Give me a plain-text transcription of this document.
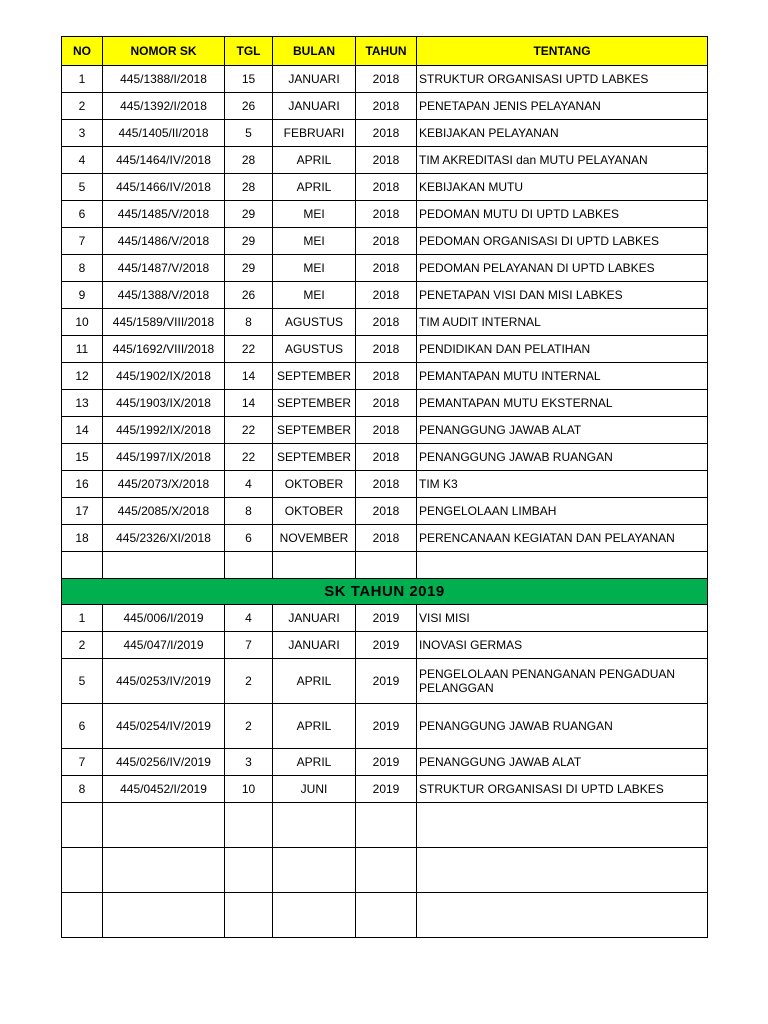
NO	NOMOR SK	TGL	BULAN	TAHUN	TENTANG
1	445/1388/I/2018	15	JANUARI	2018	STRUKTUR ORGANISASI UPTD LABKES
2	445/1392/I/2018	26	JANUARI	2018	PENETAPAN JENIS PELAYANAN
3	445/1405/II/2018	5	FEBRUARI	2018	KEBIJAKAN PELAYANAN
4	445/1464/IV/2018	28	APRIL	2018	TIM AKREDITASI dan MUTU PELAYANAN
5	445/1466/IV/2018	28	APRIL	2018	KEBIJAKAN MUTU
6	445/1485/V/2018	29	MEI	2018	PEDOMAN MUTU DI UPTD LABKES
7	445/1486/V/2018	29	MEI	2018	PEDOMAN ORGANISASI DI UPTD LABKES
8	445/1487/V/2018	29	MEI	2018	PEDOMAN PELAYANAN DI UPTD LABKES
9	445/1388/V/2018	26	MEI	2018	PENETAPAN VISI DAN MISI LABKES
10	445/1589/VIII/2018	8	AGUSTUS	2018	TIM AUDIT INTERNAL
11	445/1692/VIII/2018	22	AGUSTUS	2018	PENDIDIKAN DAN PELATIHAN
12	445/1902/IX/2018	14	SEPTEMBER	2018	PEMANTAPAN MUTU INTERNAL
13	445/1903/IX/2018	14	SEPTEMBER	2018	PEMANTAPAN MUTU EKSTERNAL
14	445/1992/IX/2018	22	SEPTEMBER	2018	PENANGGUNG JAWAB ALAT
15	445/1997/IX/2018	22	SEPTEMBER	2018	PENANGGUNG JAWAB RUANGAN
16	445/2073/X/2018	4	OKTOBER	2018	TIM K3
17	445/2085/X/2018	8	OKTOBER	2018	PENGELOLAAN LIMBAH
18	445/2326/XI/2018	6	NOVEMBER	2018	PERENCANAAN KEGIATAN DAN PELAYANAN

SK TAHUN 2019					
1	445/006/I/2019	4	JANUARI	2019	VISI MISI
2	445/047/I/2019	7	JANUARI	2019	INOVASI GERMAS
5	445/0253/IV/2019	2	APRIL	2019	PENGELOLAAN PENANGANAN PENGADUAN PELANGGAN
6	445/0254/IV/2019	2	APRIL	2019	PENANGGUNG JAWAB RUANGAN
7	445/0256/IV/2019	3	APRIL	2019	PENANGGUNG JAWAB ALAT
8	445/0452/I/2019	10	JUNI	2019	STRUKTUR ORGANISASI DI UPTD LABKES
